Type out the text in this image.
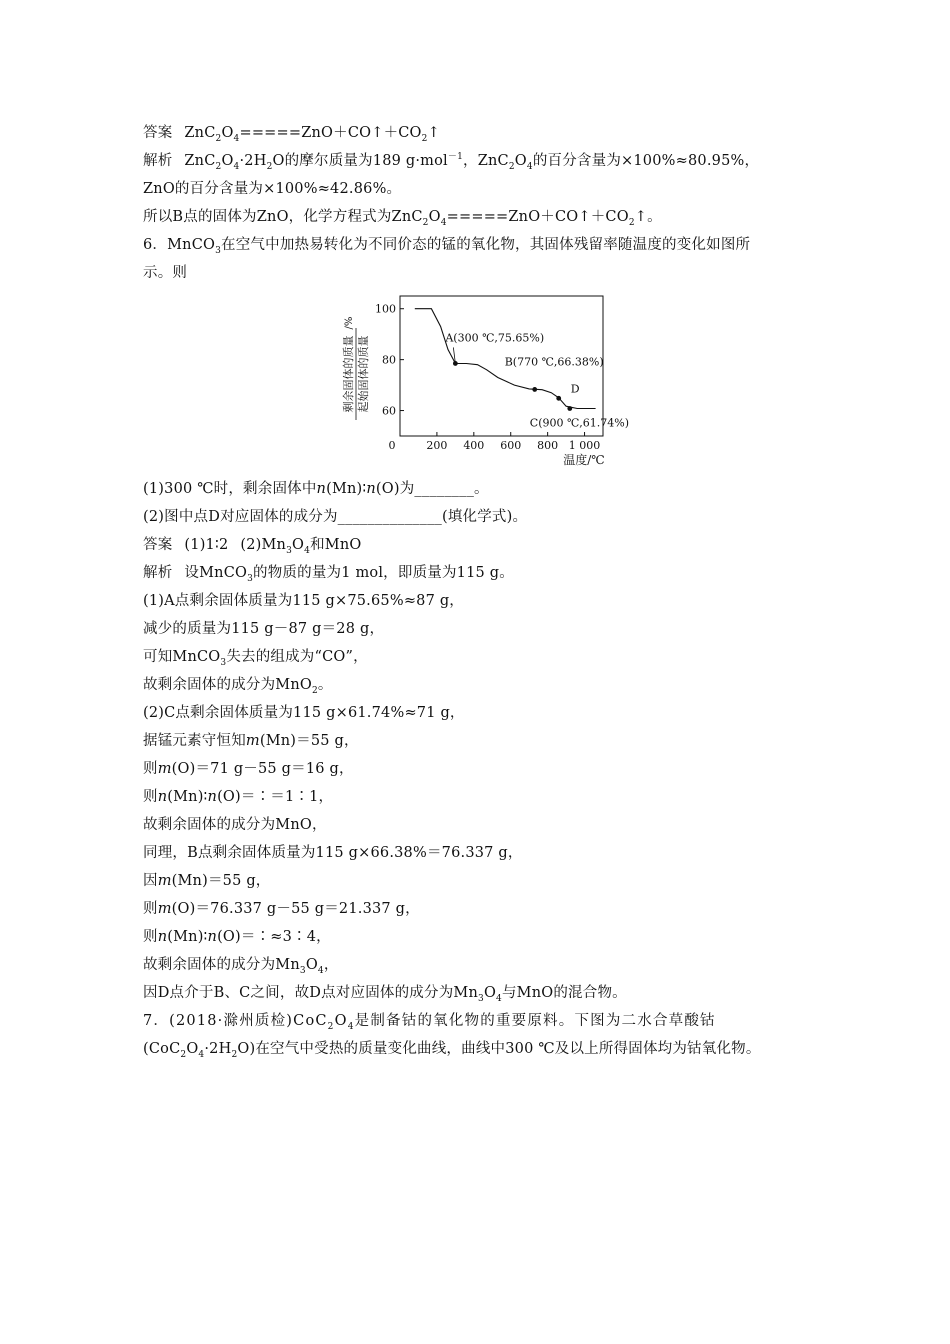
答案 $ZnC_2O_4=====ZnO+CO↑+CO_2↑$
解析 $ZnC_2O_4\cdot 2H_2O$的摩尔质量为189 g·mol$^{-1}$，$ZnC_2O_4$的百分含量为×100%≈80.95%，
ZnO的百分含量为×100%≈42.86%。
所以B点的固体为ZnO，化学方程式为$ZnC_2O_4=====ZnO+CO↑+CO_2↑$。
6．MnCO$_3$在空气中加热易转化为不同价态的锰的氧化物，其固体残留率随温度的变化如图所
示。则
剩余固体的质量 起始固体的质量
/%
60
80
100
0	200 400 600 800 1 000
A(300 ℃,75.65%)
B(770 ℃,66.38%)
D
C(900 ℃,61.74%)
温度/℃
(1)300 ℃时，剩余固体中n(Mn)∶n(O)为________。
(2)图中点D对应固体的成分为______________(填化学式)。
答案 (1)1∶2 $(2)Mn_3O_4$和MnO
解析 设MnCO$_3$的物质的量为1 mol，即质量为115 g。
(1)A点剩余固体质量为115 g×75.65%≈87 g，
减少的质量为115 g－87 g＝28 g，
可知MnCO$_3$失去的组成为“CO”，
故剩余固体的成分为MnO$_2$。
(2)C点剩余固体质量为115 g×61.74%≈71 g，
据锰元素守恒知m(Mn)＝55 g，
则m(O)＝71 g－55 g＝16 g，
则n(Mn)∶n(O)＝∶＝1∶1，
故剩余固体的成分为MnO，
同理，B点剩余固体质量为115 g×66.38%＝76.337 g，
因m(Mn)＝55 g，
则m(O)＝76.337 g－55 g＝21.337 g，
则n(Mn)∶n(O)＝∶≈3∶4，
故剩余固体的成分为$Mn_3O_4$，
因D点介于B、C之间，故D点对应固体的成分为$Mn_3O_4$与MnO的混合物。
7．(2018·滁州质检)$CoC_2O_4$是制备钴的氧化物的重要原料。下图为二水合草酸钴
$(CoC_2O_4\cdot 2H_2O)$在空气中受热的质量变化曲线，曲线中300 ℃及以上所得固体均为钴氧化物。
